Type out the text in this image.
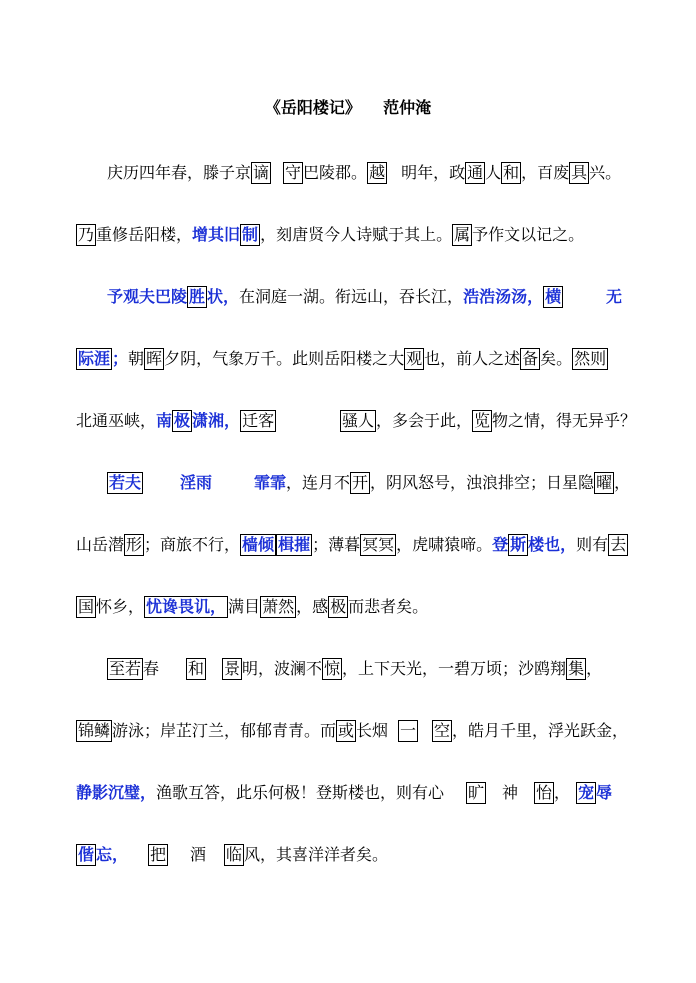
《岳阳楼记》    范仲淹
庆历四年春，滕子京 谪 守 巴陵郡。 越 明年，政 通 人 和 ，百废 具 兴。
乃重修岳阳楼，增其旧制 ，刻唐贤今人诗赋于其上。属 予作文以记之。
予观夫巴陵 胜 状，在洞庭一湖。衔远山，吞长江，浩浩汤汤， 横	无
际涯 ；朝 晖 夕阴，气象万千。此则岳阳楼之大 观 也，前人之述 备 矣。 然则
北通巫峡，南 极 潇湘， 迁客	骚人 ，多会于此， 览 物之情，得无异乎？
若夫 淫雨	霏霏，连月不 开 ，阴风怒号，浊浪排空；日星隐 曜 ，
山岳潜 形 ；商旅不行， 樯倾 楫摧 ；薄暮 冥冥 ，虎啸猿啼。登 斯 楼也，则有 去
国 怀乡， 忧谗畏讥， 满目 萧然 ，感 极 而悲者矣。
至若 春 和 景 明，波澜不 惊 ，上下天光，一碧万顷；沙鸥翔 集 ，
锦鳞 游泳；岸芷汀兰，郁郁青青。而 或 长烟 一 空 ，皓月千里，浮光跃金，
静影沉璧，渔歌互答，此乐何极！登斯楼也，则有心 旷 神 怡 ， 宠辱
偕忘， 把 酒 临风，其喜洋洋者矣。
